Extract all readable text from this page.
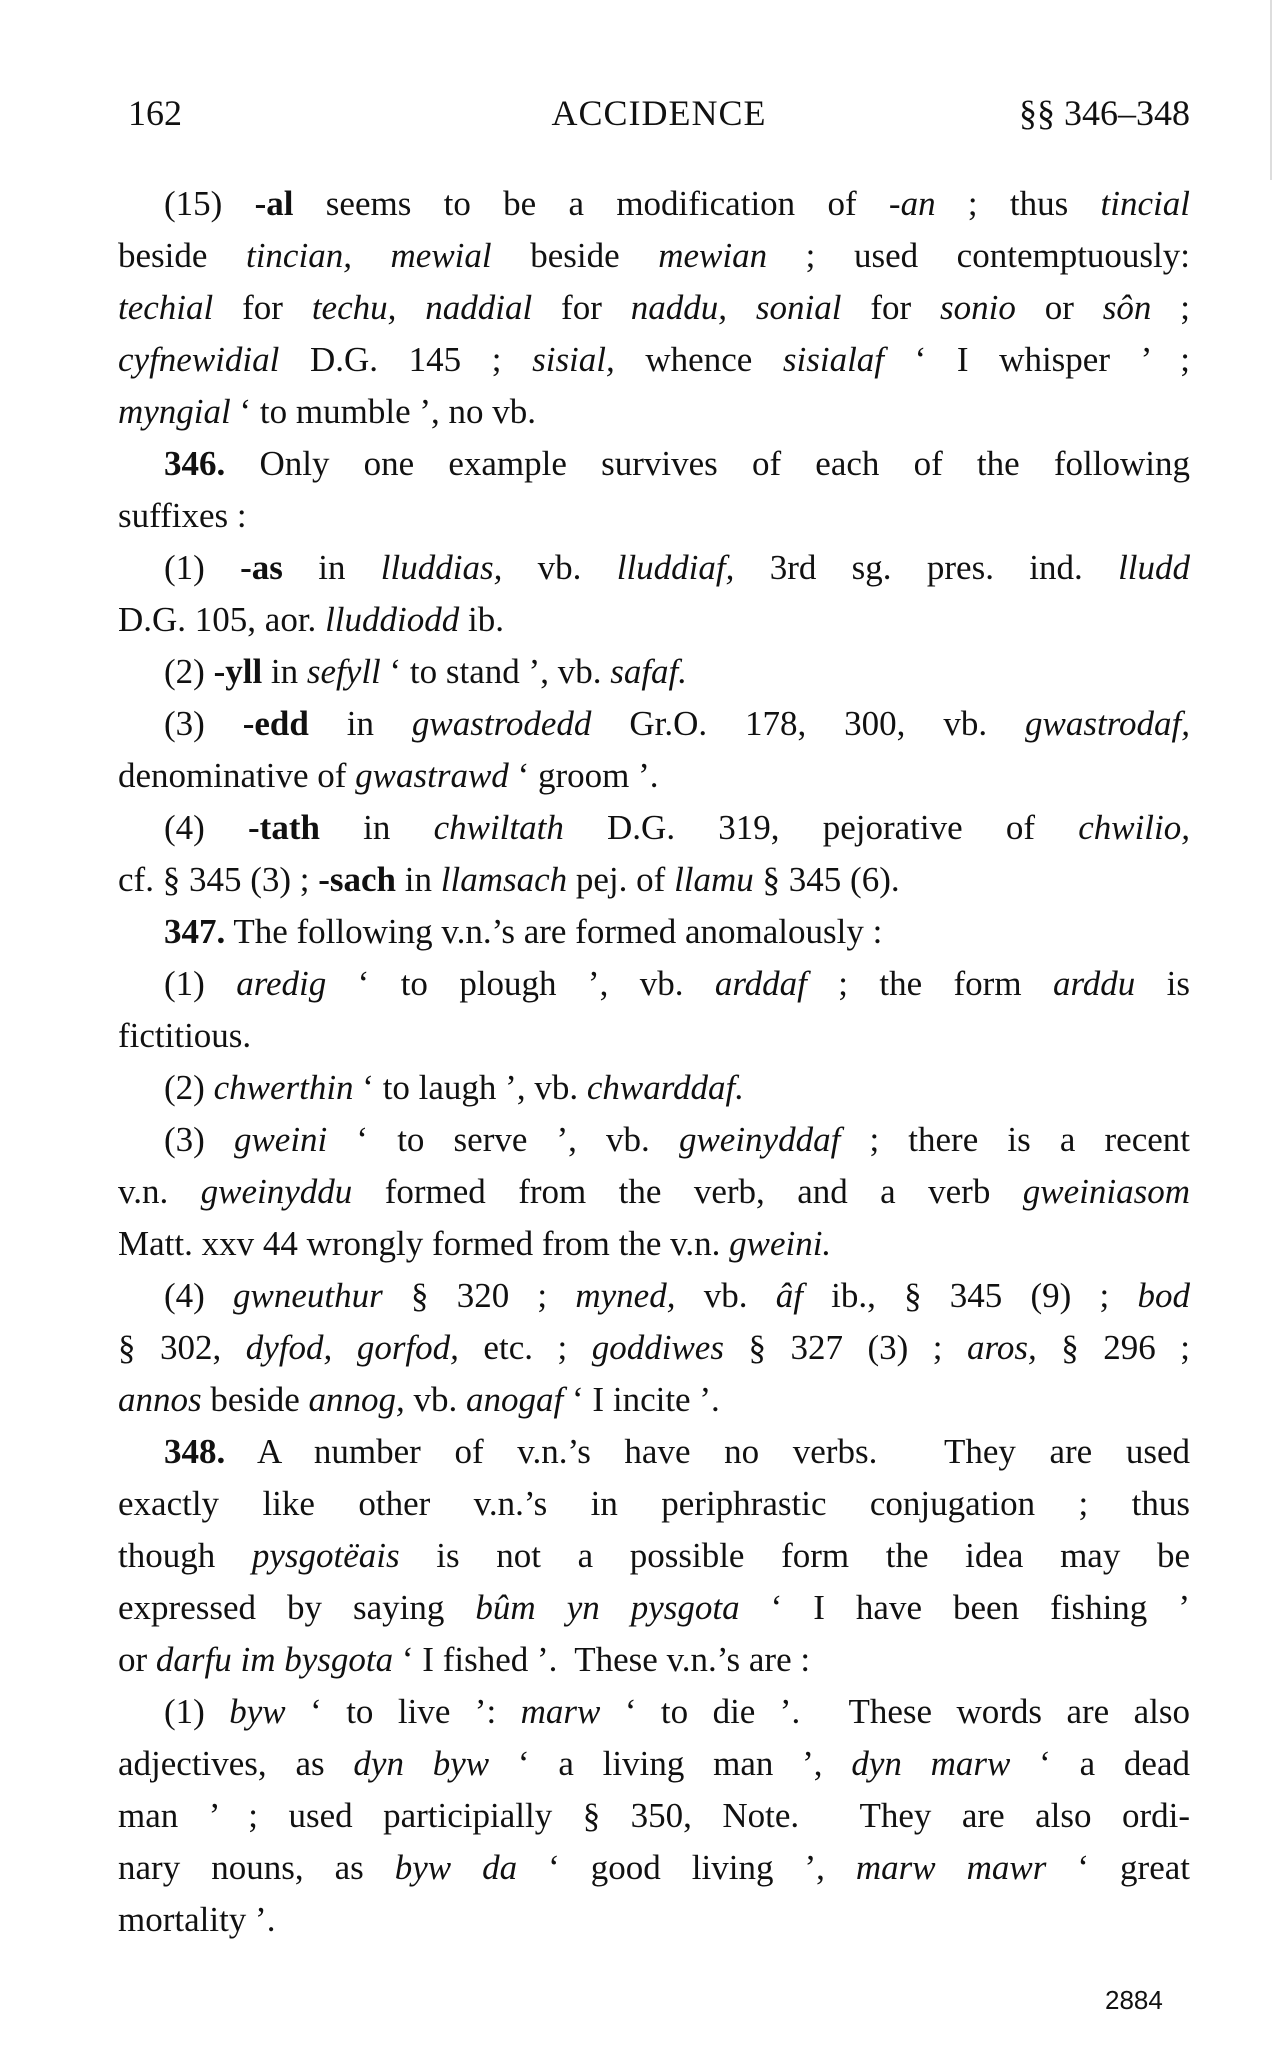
162	ACCIDENCE	§§ 346–348
(15) -al seems to be a modification of -an ; thus tincial
beside tincian, mewial beside mewian ; used contemptuously:
techial for techu, naddial for naddu, sonial for sonio or sôn ;
cyfnewidial D.G. 145 ; sisial, whence sisialaf ‘ I whisper ’ ;
myngial ‘ to mumble ’, no vb.
346. Only one example survives of each of the following
suffixes :
(1) -as in lluddias, vb. lluddiaf, 3rd sg. pres. ind. lludd
D.G. 105, aor. lluddiodd ib.
(2) -yll in sefyll ‘ to stand ’, vb. safaf.
(3) -edd in gwastrodedd Gr.O. 178, 300, vb. gwastrodaf,
denominative of gwastrawd ‘ groom ’.
(4) -tath in chwiltath D.G. 319, pejorative of chwilio,
cf. § 345 (3) ; -sach in llamsach pej. of llamu § 345 (6).
347. The following v.n.’s are formed anomalously :
(1) aredig ‘ to plough ’, vb. arddaf ; the form arddu is
fictitious.
(2) chwerthin ‘ to laugh ’, vb. chwarddaf.
(3) gweini ‘ to serve ’, vb. gweinyddaf ; there is a recent
v.n. gweinyddu formed from the verb, and a verb gweiniasom
Matt. xxv 44 wrongly formed from the v.n. gweini.
(4) gwneuthur § 320 ; myned, vb. âf ib., § 345 (9) ; bod
§ 302, dyfod, gorfod, etc. ; goddiwes § 327 (3) ; aros, § 296 ;
annos beside annog, vb. anogaf ‘ I incite ’.
348. A number of v.n.’s have no verbs.  They are used
exactly like other v.n.’s in periphrastic conjugation ; thus
though pysgotëais is not a possible form the idea may be
expressed by saying bûm yn pysgota ‘ I have been fishing ’
or darfu im bysgota ‘ I fished ’.  These v.n.’s are :
(1) byw ‘ to live ’: marw ‘ to die ’.  These words are also
adjectives, as dyn byw ‘ a living man ’, dyn marw ‘ a dead
man ’ ; used participially § 350, Note.  They are also ordi-
nary nouns, as byw da ‘ good living ’, marw mawr ‘ great
mortality ’.
2884
